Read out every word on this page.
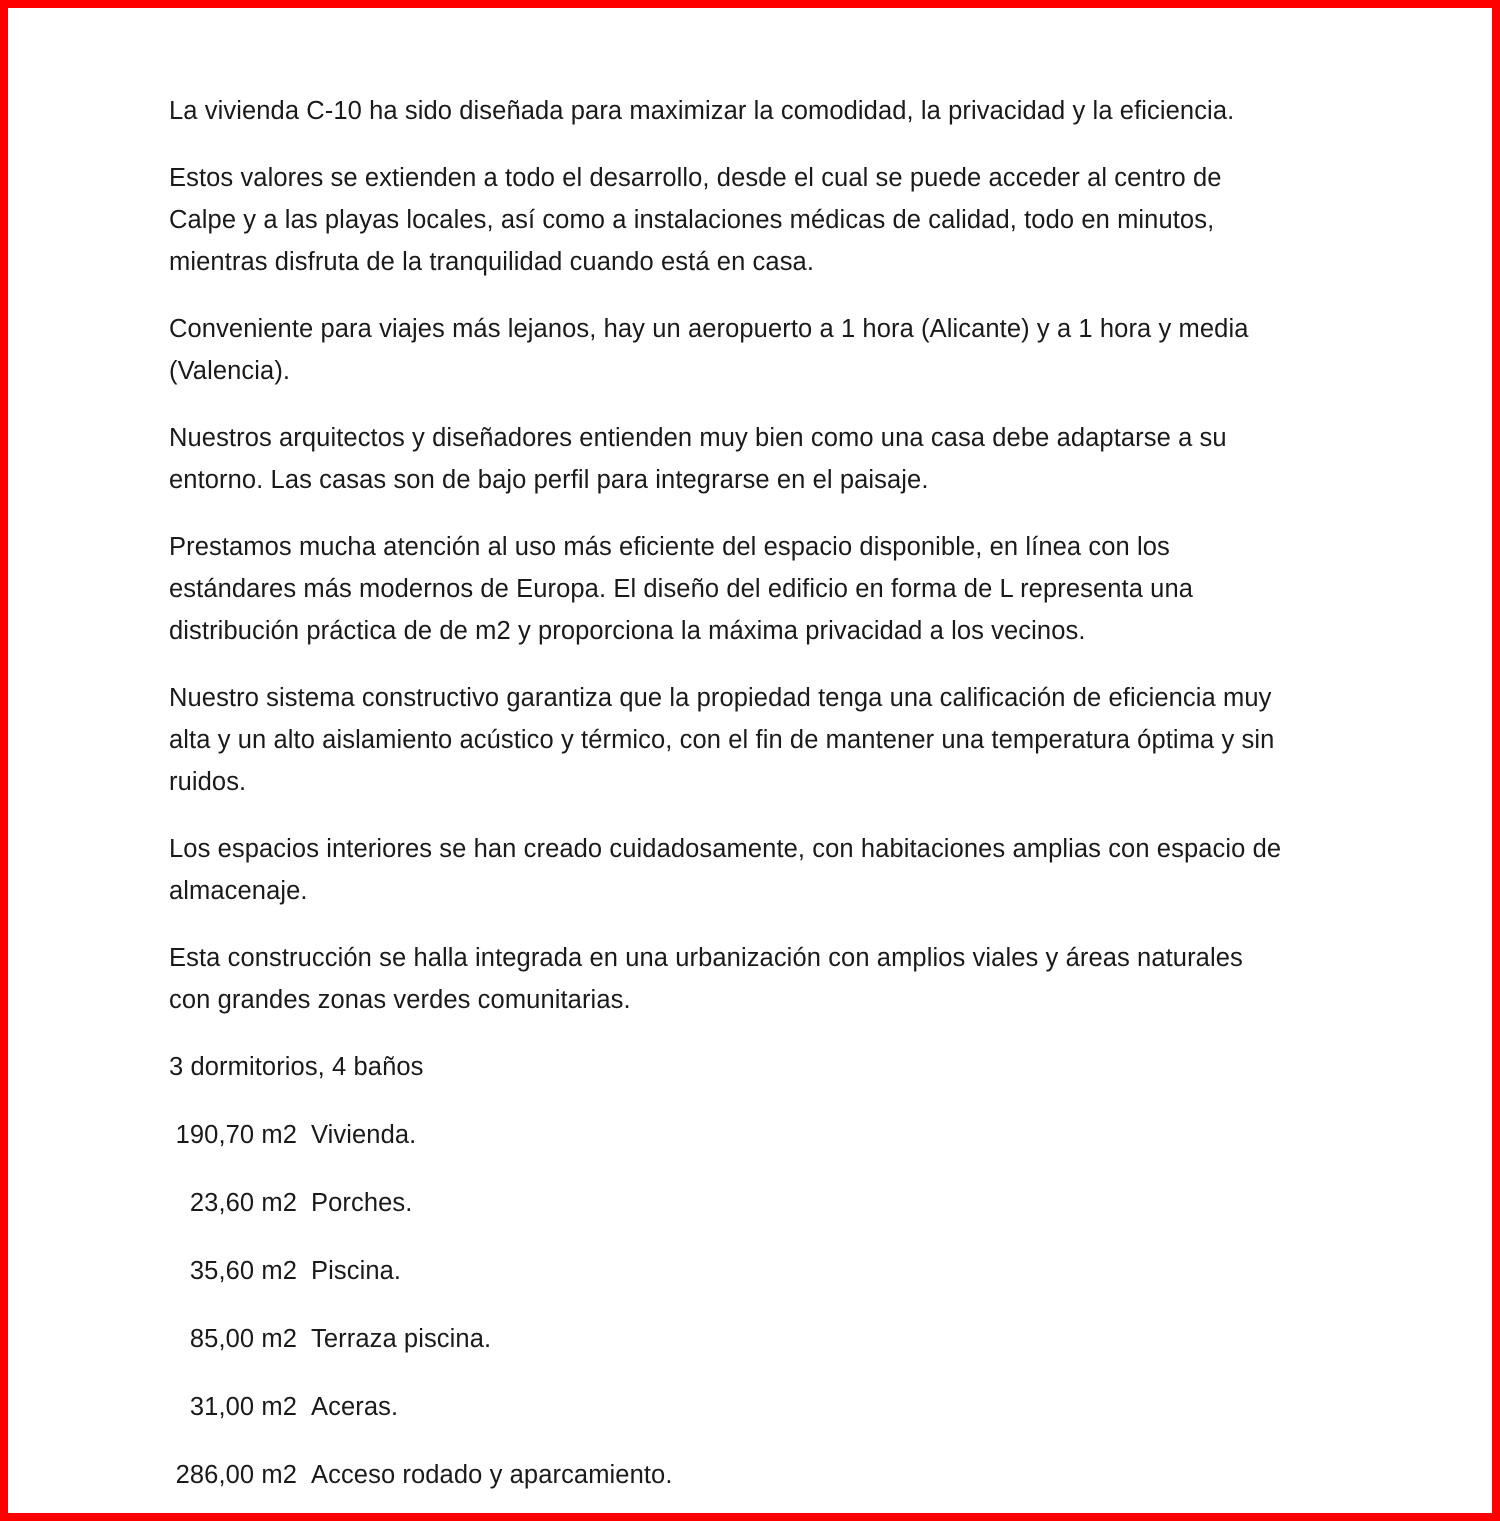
La vivienda C-10 ha sido diseñada para maximizar la comodidad, la privacidad y la eficiencia.

Estos valores se extienden a todo el desarrollo, desde el cual se puede acceder al centro de Calpe y a las playas locales, así como a instalaciones médicas de calidad, todo en minutos, mientras disfruta de la tranquilidad cuando está en casa.

Conveniente para viajes más lejanos, hay un aeropuerto a 1 hora (Alicante) y a 1 hora y media (Valencia).

Nuestros arquitectos y diseñadores entienden muy bien como una casa debe adaptarse a su entorno. Las casas son de bajo perfil para integrarse en el paisaje.

Prestamos mucha atención al uso más eficiente del espacio disponible, en línea con los estándares más modernos de Europa. El diseño del edificio en forma de L representa una distribución práctica de de m2 y proporciona la máxima privacidad a los vecinos.

Nuestro sistema constructivo garantiza que la propiedad tenga una calificación de eficiencia muy alta y un alto aislamiento acústico y térmico, con el fin de mantener una temperatura óptima y sin ruidos.

Los espacios interiores se han creado cuidadosamente, con habitaciones amplias con espacio de almacenaje.

Esta construcción se halla integrada en una urbanización con amplios viales y áreas naturales con grandes zonas verdes comunitarias.

3 dormitorios, 4 baños
190,70 m2 Vivienda.
23,60 m2 Porches.
35,60 m2 Piscina.
85,00 m2 Terraza piscina.
31,00 m2 Aceras.
286,00 m2 Acceso rodado y aparcamiento.
